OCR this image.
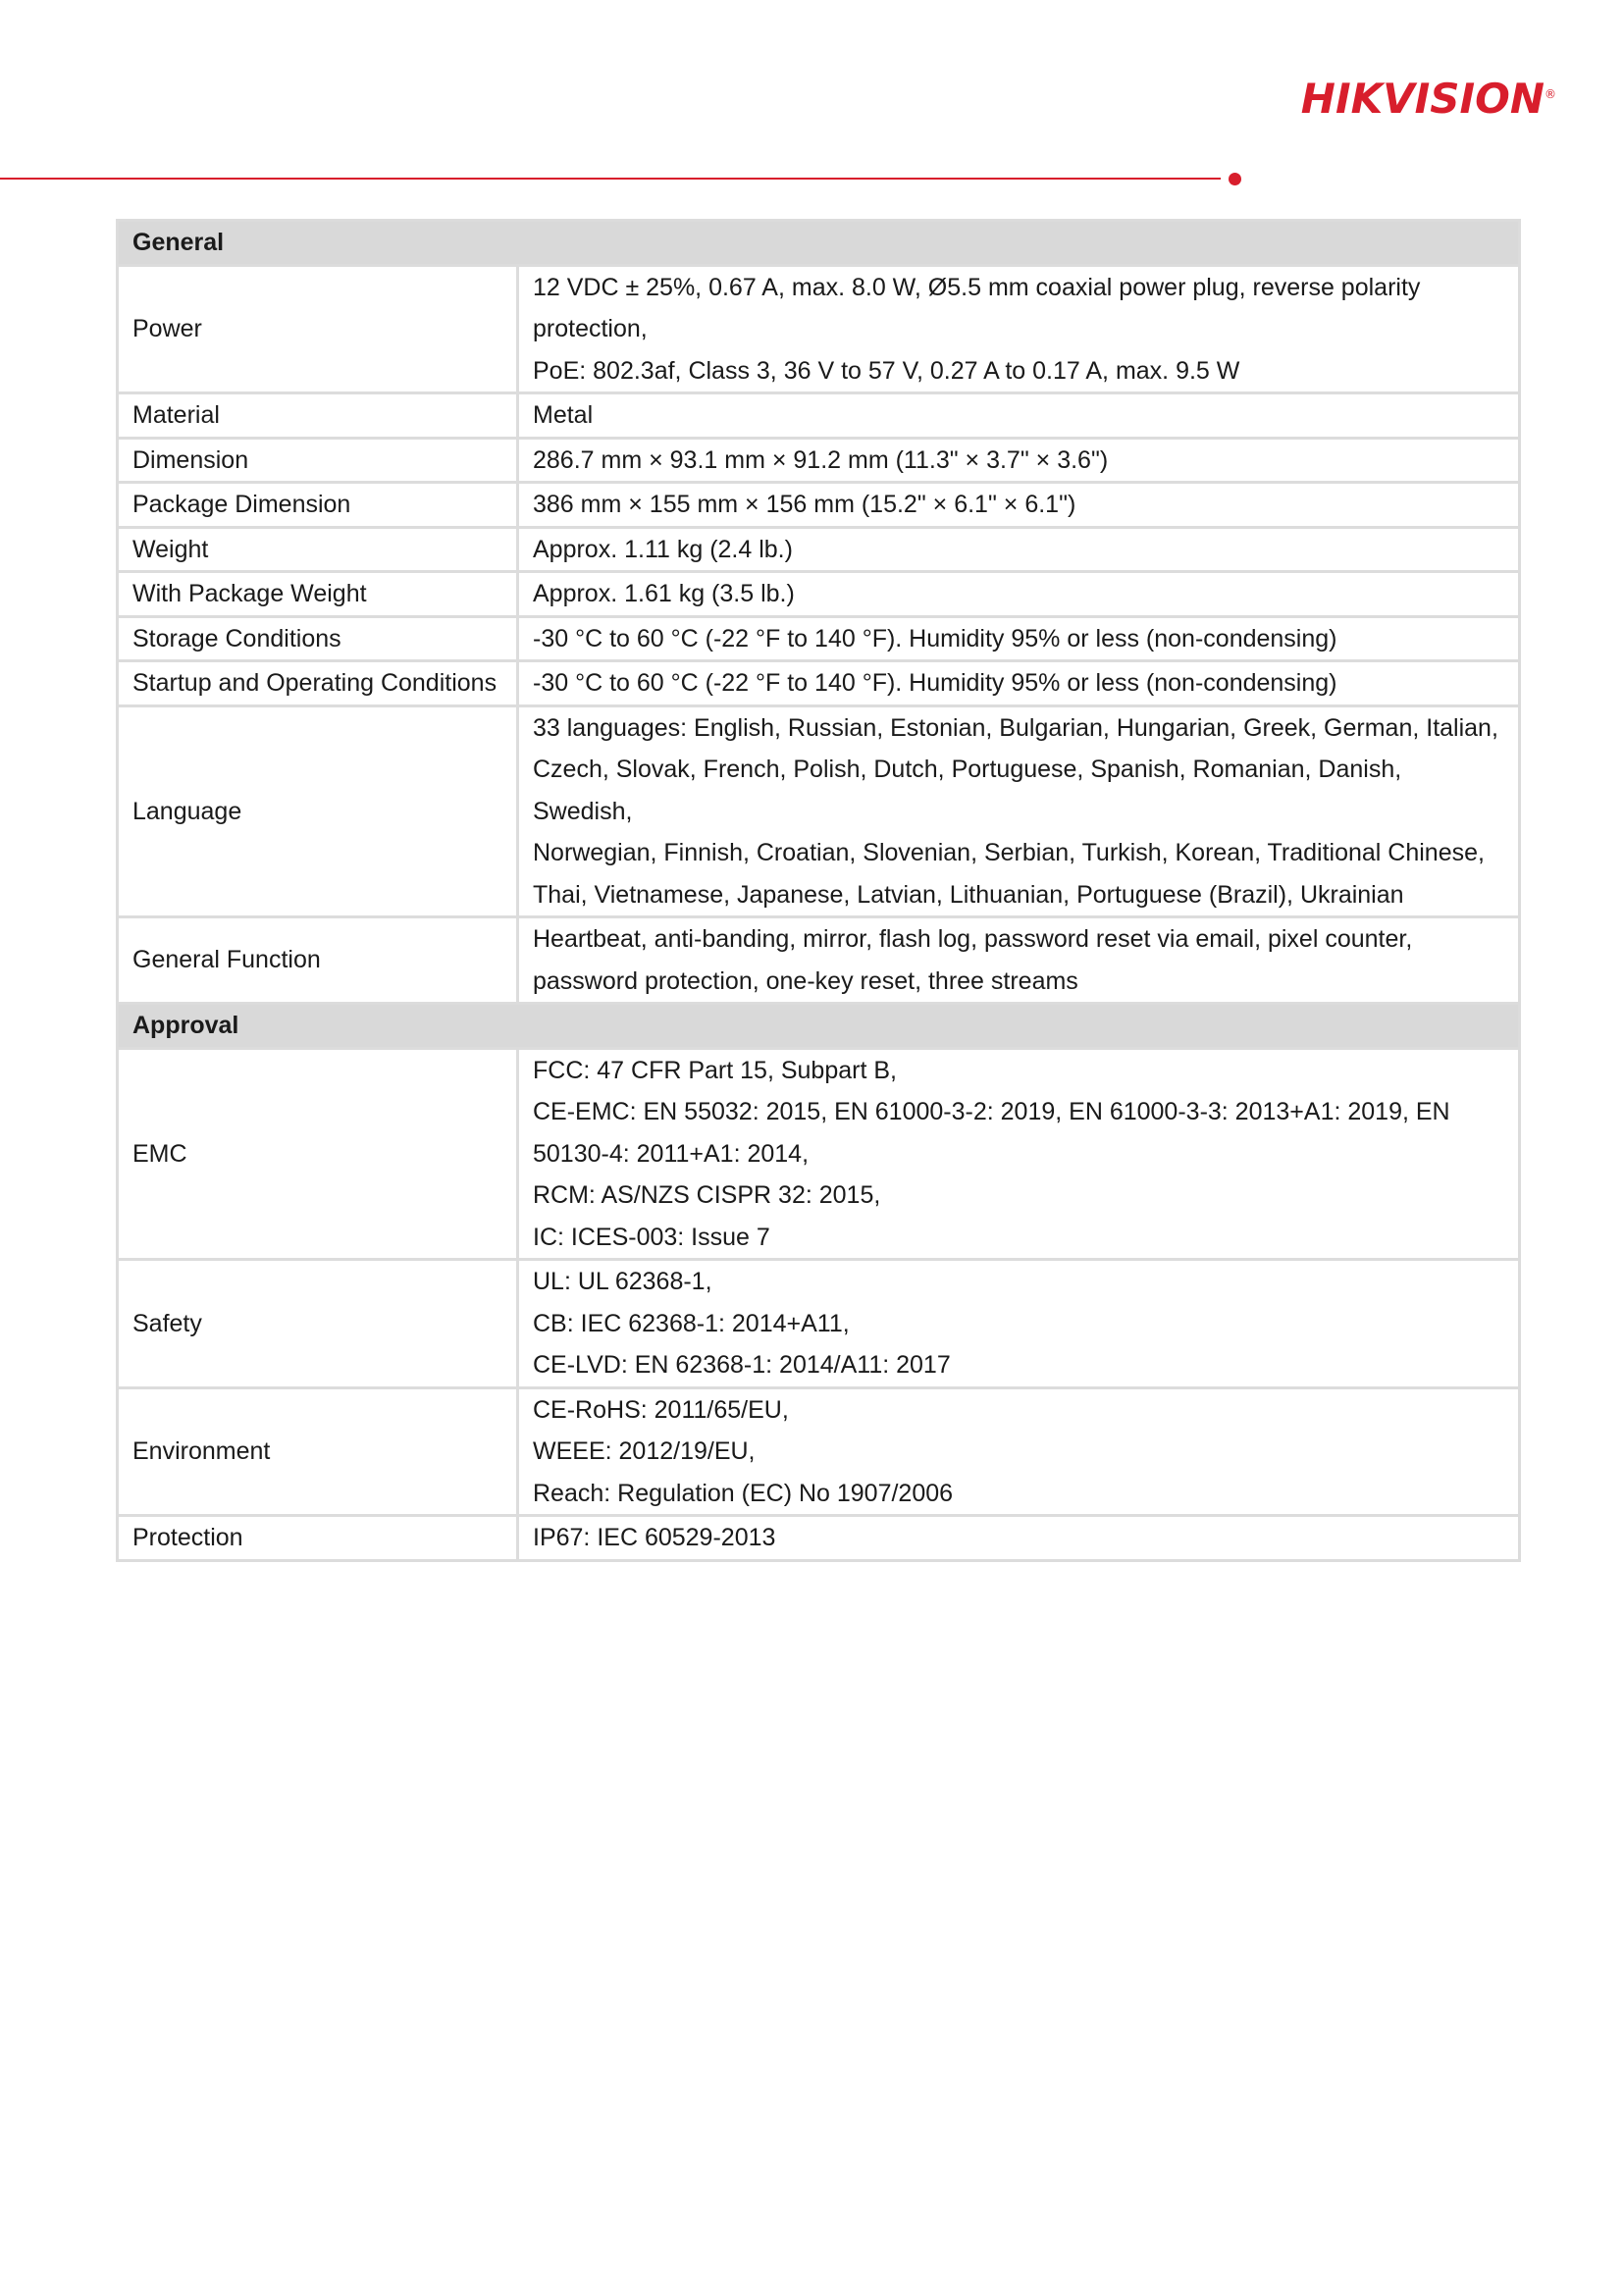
HIKVISION®
General	
Power	12 VDC ± 25%, 0.67 A, max. 8.0 W, Ø5.5 mm coaxial power plug, reverse polarity
protection,
PoE: 802.3af, Class 3, 36 V to 57 V, 0.27 A to 0.17 A, max. 9.5 W

Material	Metal

Dimension	286.7 mm × 93.1 mm × 91.2 mm (11.3" × 3.7" × 3.6")

Package Dimension	386 mm × 155 mm × 156 mm (15.2" × 6.1" × 6.1")

Weight	Approx. 1.11 kg (2.4 lb.)

With Package Weight	Approx. 1.61 kg (3.5 lb.)

Storage Conditions	-30 °C to 60 °C (-22 °F to 140 °F). Humidity 95% or less (non-condensing)

Startup and Operating Conditions	-30 °C to 60 °C (-22 °F to 140 °F). Humidity 95% or less (non-condensing)

Language	33 languages: English, Russian, Estonian, Bulgarian, Hungarian, Greek, German, Italian,
Czech, Slovak, French, Polish, Dutch, Portuguese, Spanish, Romanian, Danish, Swedish,
Norwegian, Finnish, Croatian, Slovenian, Serbian, Turkish, Korean, Traditional Chinese,
Thai, Vietnamese, Japanese, Latvian, Lithuanian, Portuguese (Brazil), Ukrainian

General Function	Heartbeat, anti-banding, mirror, flash log, password reset via email, pixel counter,
password protection, one-key reset, three streams

Approval	
EMC	FCC: 47 CFR Part 15, Subpart B,
CE-EMC: EN 55032: 2015, EN 61000-3-2: 2019, EN 61000-3-3: 2013+A1: 2019, EN
50130-4: 2011+A1: 2014,
RCM: AS/NZS CISPR 32: 2015,
IC: ICES-003: Issue 7

Safety	UL: UL 62368-1,
CB: IEC 62368-1: 2014+A11,
CE-LVD: EN 62368-1: 2014/A11: 2017

Environment	CE-RoHS: 2011/65/EU,
WEEE: 2012/19/EU,
Reach: Regulation (EC) No 1907/2006

Protection	IP67: IEC 60529-2013
